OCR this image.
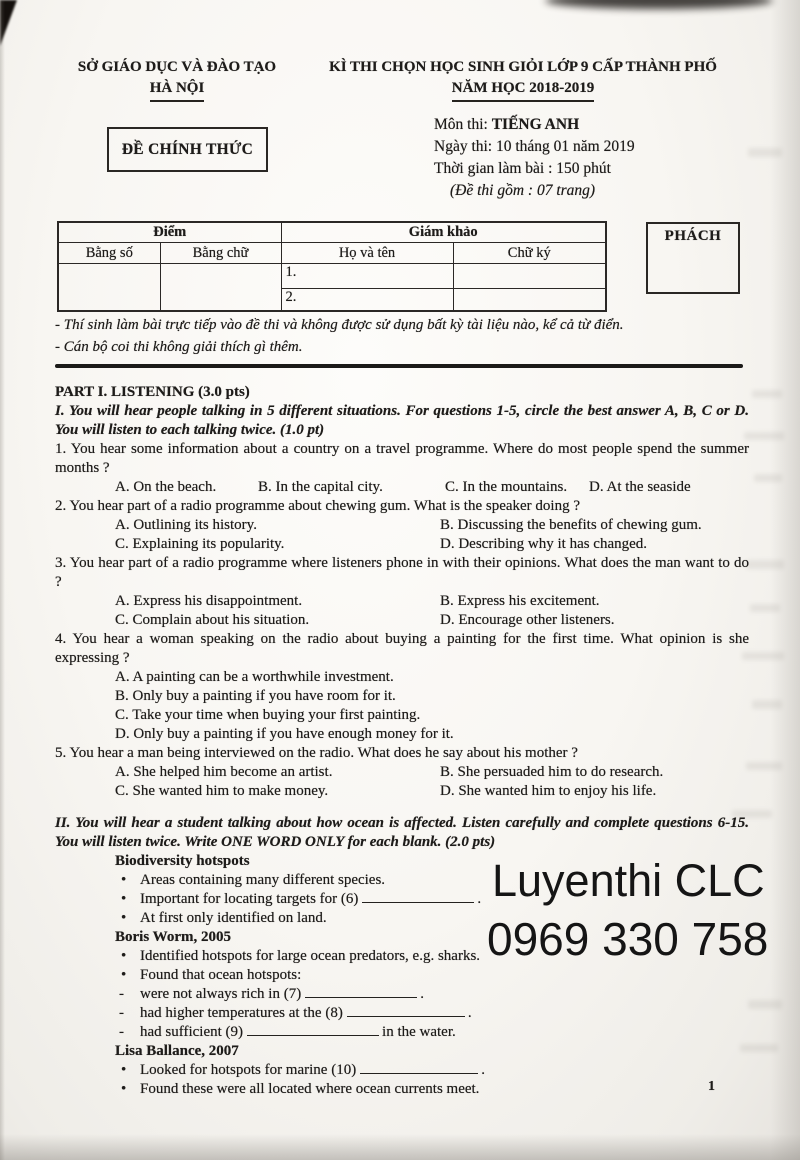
SỞ GIÁO DỤC VÀ ĐÀO TẠO
HÀ NỘI
KÌ THI CHỌN HỌC SINH GIỎI LỚP 9 CẤP THÀNH PHỐ
NĂM HỌC 2018-2019
ĐỀ CHÍNH THỨC
Môn thi: TIẾNG ANH
Ngày thi: 10 tháng 01 năm 2019
Thời gian làm bài : 150 phút
(Đề thi gồm : 07 trang)
Điểm		Giám khảo	
Bằng số	Bằng chữ	Họ và tên	Chữ ký
		1.	
		2.	
PHÁCH
- Thí sinh làm bài trực tiếp vào đề thi và không được sử dụng bất kỳ tài liệu nào, kể cả từ điển.
- Cán bộ coi thi không giải thích gì thêm.
PART I. LISTENING (3.0 pts)
I. You will hear people talking in 5 different situations. For questions 1-5, circle the best answer A, B, C or D. You will listen to each talking twice. (1.0 pt)
1. You hear some information about a country on a travel programme. Where do most people spend the summer months ?
A. On the beach.	B. In the capital city.	C. In the mountains. D. At the seaside
2. You hear part of a radio programme about chewing gum. What is the speaker doing ?
A. Outlining its history.	B. Discussing the benefits of chewing gum.
C. Explaining its popularity.	D. Describing why it has changed.
3. You hear part of a radio programme where listeners phone in with their opinions. What does the man want to do ?
A. Express his disappointment.	B. Express his excitement.
C. Complain about his situation.	D. Encourage other listeners.
4. You hear a woman speaking on the radio about buying a painting for the first time. What opinion is she expressing ?
A. A painting can be a worthwhile investment.
B. Only buy a painting if you have room for it.
C. Take your time when buying your first painting.
D. Only buy a painting if you have enough money for it.
5. You hear a man being interviewed on the radio. What does he say about his mother ?
A. She helped him become an artist.	B. She persuaded him to do research.
C. She wanted him to make money.	D. She wanted him to enjoy his life.
II. You will hear a student talking about how ocean is affected. Listen carefully and complete questions 6-15. You will listen twice. Write ONE WORD ONLY for each blank. (2.0 pts)
Biodiversity hotspots
• Areas containing many different species.
• Important for locating targets for (6)	.
• At first only identified on land.
Boris Worm, 2005
• Identified hotspots for large ocean predators, e.g. sharks.
• Found that ocean hotspots:
- were not always rich in (7)	.
- had higher temperatures at the (8)	.
- had sufficient (9)	in the water.
Lisa Ballance, 2007
• Looked for hotspots for marine (10)	.
• Found these were all located where ocean currents meet.
Luyenthi CLC
0969 330 758
1
